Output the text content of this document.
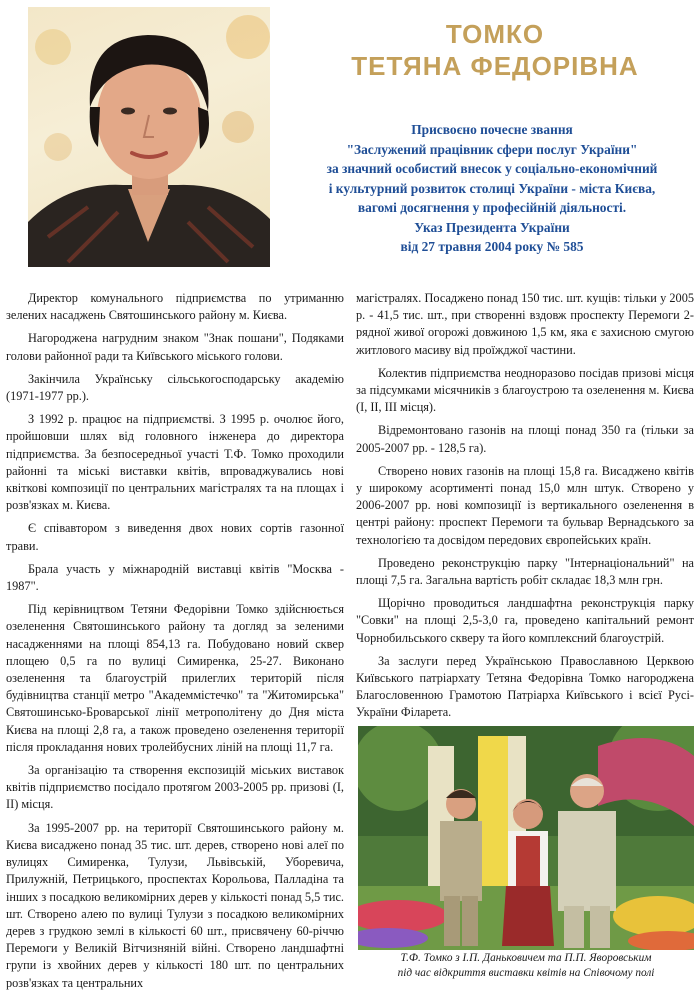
ТОМКО
ТЕТЯНА ФЕДОРІВНА
Присвоєно почесне звання
"Заслужений працівник сфери послуг України"
за значний особистий внесок у соціально-економічний
і культурний розвиток столиці України - міста Києва,
вагомі досягнення у професійній діяльності.
Указ Президента України
від 27 травня 2004 року № 585

Директор комунального підприємства по утриманню зелених насаджень Святошинського району м. Києва.

Нагороджена нагрудним знаком "Знак пошани", Подяками голови районної ради та Київського міського голови.

Закінчила Українську сільськогосподарську академію (1971-1977 рр.).

З 1992 р. працює на підприємстві. З 1995 р. очолює його, пройшовши шлях від головного інженера до директора підприємства. За безпосередньої участі Т.Ф. Томко проходили районні та міські виставки квітів, впроваджувались нові квіткові композиції по центральних магістралях та на площах і розв'язках м. Києва.

Є співавтором з виведення двох нових сортів газонної трави.

Брала участь у міжнародній виставці квітів "Москва - 1987".

Під керівництвом Тетяни Федорівни Томко здійснюється озеленення Святошинського району та догляд за зеленими насадженнями на площі 854,13 га. Побудовано новий сквер площею 0,5 га по вулиці Симиренка, 25-27. Виконано озеленення та благоустрій прилеглих територій після будівництва станції метро "Академмістечко" та "Житомирська" Святошинсько-Броварської лінії метрополітену до Дня міста Києва на площі 2,8 га, а також проведено озеленення території після прокладання нових тролейбусних ліній на площі 11,7 га.

За організацію та створення експозицій міських виставок квітів підприємство посідало протягом 2003-2005 рр. призові (І, ІІ) місця.

За 1995-2007 рр. на території Святошинського району м. Києва висаджено понад 35 тис. шт. дерев, створено нові алеї по вулицях Симиренка, Тулузи, Львівській, Уборевича, Прилужній, Петрицького, проспектах Корольова, Палладіна та інших з посадкою великомірних дерев у кількості понад 5,5 тис. шт. Створено алею по вулиці Тулузи з посадкою великомірних дерев з грудкою землі в кількості 60 шт., присвячену 60-річчю Перемоги у Великій Вітчизняній війні. Створено ландшафтні групи із хвойних дерев у кількості 180 шт. по центральних розв'язках та центральних

магістралях. Посаджено понад 150 тис. шт. кущів: тільки у 2005 р. - 41,5 тис. шт., при створенні вздовж проспекту Перемоги 2-рядної живої огорожі довжиною 1,5 км, яка є захисною смугою житлового масиву від проїжджої частини.

Колектив підприємства неодноразово посідав призові місця за підсумками місячників з благоустрою та озеленення м. Києва (І, ІІ, ІІІ місця).

Відремонтовано газонів на площі понад 350 га (тільки за 2005-2007 рр. - 128,5 га).

Створено нових газонів на площі 15,8 га. Висаджено квітів у широкому асортименті понад 15,0 млн штук. Створено у 2006-2007 рр. нові композиції із вертикального озеленення в центрі району: проспект Перемоги та бульвар Вернадського за технологією та досвідом передових європейських країн.

Проведено реконструкцію парку "Інтернаціональний" на площі 7,5 га. Загальна вартість робіт складає 18,3 млн грн.

Щорічно проводиться ландшафтна реконструкція парку "Совки" на площі 2,5-3,0 га, проведено капітальний ремонт Чорнобильського скверу та його комплексний благоустрій.

За заслуги перед Українською Православною Церквою Київського патріархату Тетяна Федорівна Томко нагороджена Благословенною Грамотою Патріарха Київського і всієї Русі-України Філарета.

Т.Ф. Томко з І.П. Даньковичем та П.П. Яворовським
під час відкриття виставки квітів на Співочому полі
